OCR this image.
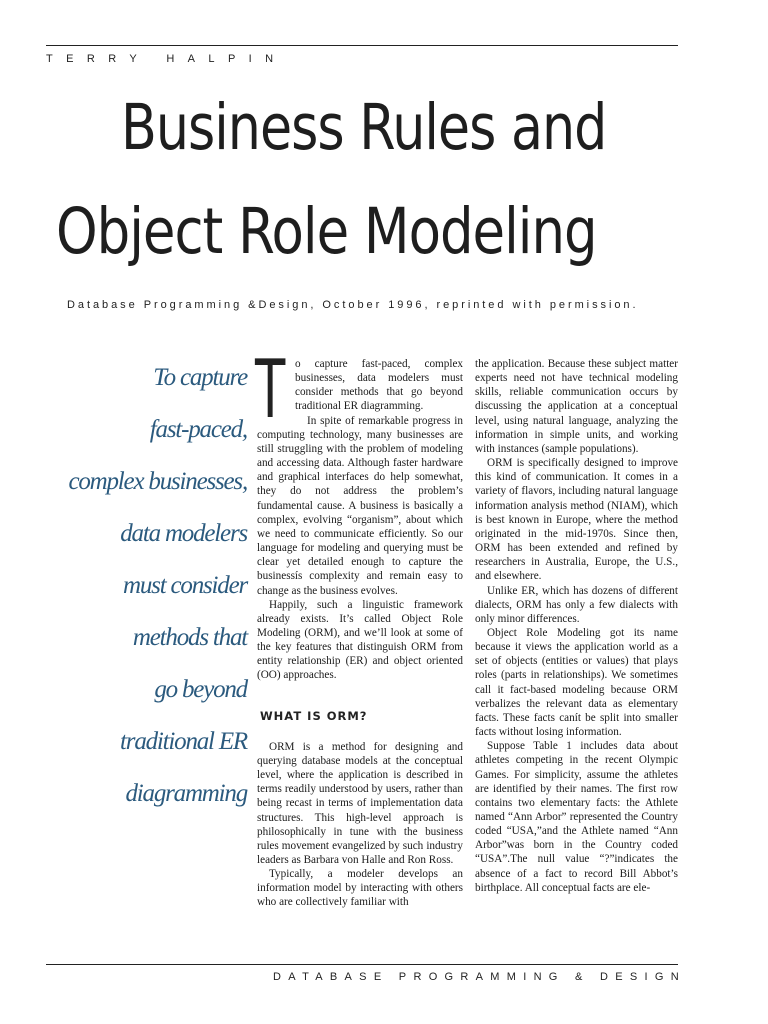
TERRY HALPIN
Business Rules and
Object Role Modeling
Database Programming &Design, October 1996, reprinted with permission.
To capture
fast-paced,
complex businesses,
data modelers
must consider
methods that
go beyond
traditional ER
diagramming

To capture fast-paced, complex businesses, data modelers must consider methods that go beyond traditional ER diagramming.

In spite of remarkable progress in computing technology, many businesses are still struggling with the problem of modeling and accessing data. Although faster hardware and graphical interfaces do help somewhat, they do not address the problem’s fundamental cause. A business is basically a complex, evolving “organism”, about which we need to communicate efficiently. So our language for modeling and querying must be clear yet detailed enough to capture the businessís complexity and remain easy to change as the business evolves.

Happily, such a linguistic framework already exists. It’s called Object Role Modeling (ORM), and we’ll look at some of the key features that distinguish ORM from entity relationship (ER) and object oriented (OO) approaches.

WHAT IS ORM?

ORM is a method for designing and querying database models at the conceptual level, where the application is described in terms readily understood by users, rather than being recast in terms of implementation data structures. This high-level approach is philosophically in tune with the business rules movement evangelized by such industry leaders as Barbara von Halle and Ron Ross.

Typically, a modeler develops an information model by interacting with others who are collectively familiar with

the application. Because these subject matter experts need not have technical modeling skills, reliable communication occurs by discussing the application at a conceptual level, using natural language, analyzing the information in simple units, and working with instances (sample populations).

ORM is specifically designed to improve this kind of communication. It comes in a variety of flavors, including natural language information analysis method (NIAM), which is best known in Europe, where the method originated in the mid-1970s. Since then, ORM has been extended and refined by researchers in Australia, Europe, the U.S., and elsewhere.

Unlike ER, which has dozens of different dialects, ORM has only a few dialects with only minor differences.

Object Role Modeling got its name because it views the application world as a set of objects (entities or values) that plays roles (parts in relationships). We sometimes call it fact-based modeling because ORM verbalizes the relevant data as elementary facts. These facts canít be split into smaller facts without losing information.

Suppose Table 1 includes data about athletes competing in the recent Olympic Games. For simplicity, assume the athletes are identified by their names. The first row contains two elementary facts: the Athlete named “Ann Arbor” represented the Country coded “USA,”and the Athlete named “Ann Arbor”was born in the Country coded “USA”.The null value “?”indicates the absence of a fact to record Bill Abbot’s birthplace. All conceptual facts are ele-

DATABASE PROGRAMMING & DESIGN
